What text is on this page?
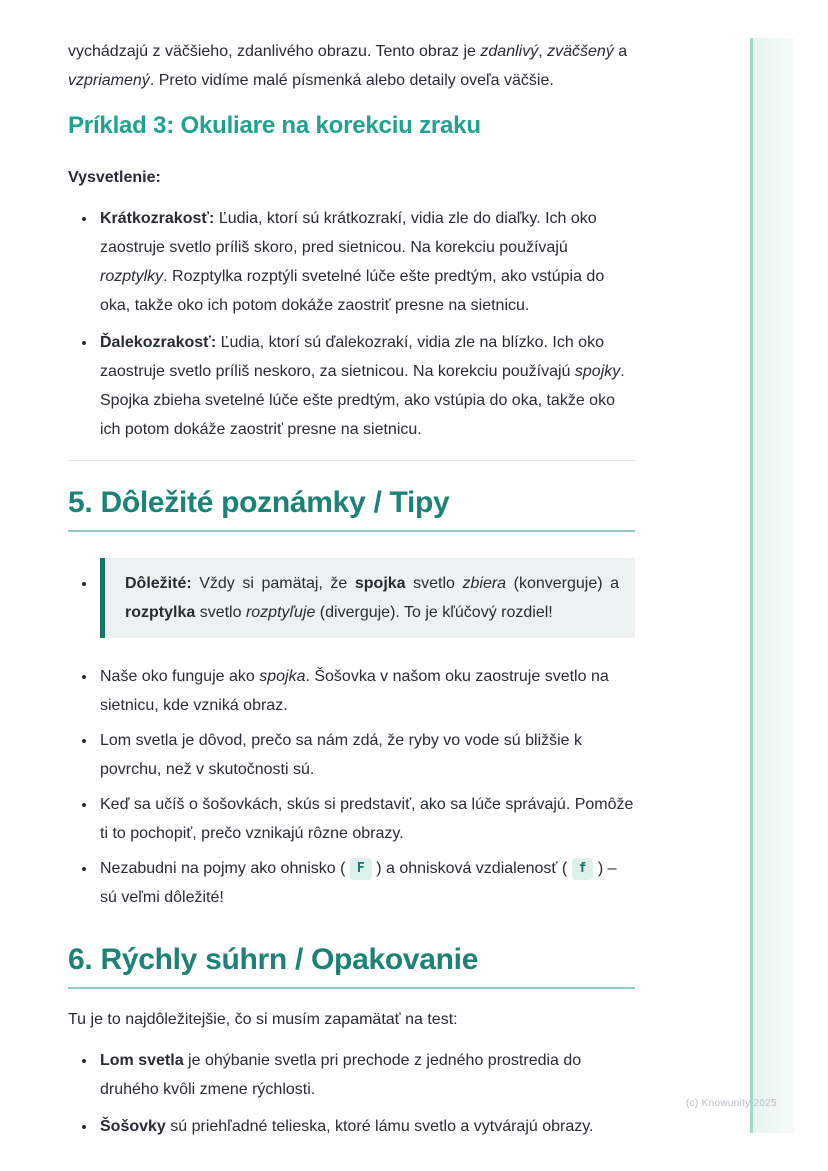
vychádzajú z väčšieho, zdanlivého obrazu. Tento obraz je zdanlivý, zväčšený a vzpriamený. Preto vidíme malé písmenká alebo detaily oveľa väčšie.

Príklad 3: Okuliare na korekciu zraku

Vysvetlenie:

• Krátkozrakosť: Ľudia, ktorí sú krátkozrakí, vidia zle do diaľky. Ich oko zaostruje svetlo príliš skoro, pred sietnicou. Na korekciu používajú rozptylky. Rozptylka rozptýli svetelné lúče ešte predtým, ako vstúpia do oka, takže oko ich potom dokáže zaostriť presne na sietnicu.
• Ďalekozrakosť: Ľudia, ktorí sú ďalekozrakí, vidia zle na blízko. Ich oko zaostruje svetlo príliš neskoro, za sietnicou. Na korekciu používajú spojky. Spojka zbieha svetelné lúče ešte predtým, ako vstúpia do oka, takže oko ich potom dokáže zaostriť presne na sietnicu.
5. Dôležité poznámky / Tipy
• Dôležité: Vždy si pamätaj, že spojka svetlo zbiera (konverguje) a rozptylka svetlo rozptyľuje (diverguje). To je kľúčový rozdiel!
• Naše oko funguje ako spojka. Šošovka v našom oku zaostruje svetlo na sietnicu, kde vzniká obraz.
• Lom svetla je dôvod, prečo sa nám zdá, že ryby vo vode sú bližšie k povrchu, než v skutočnosti sú.
• Keď sa učíš o šošovkách, skús si predstaviť, ako sa lúče správajú. Pomôže ti to pochopiť, prečo vznikajú rôzne obrazy.
• Nezabudni na pojmy ako ohnisko ( F ) a ohnisková vzdialenosť ( f ) – sú veľmi dôležité!
6. Rýchly súhrn / Opakovanie

Tu je to najdôležitejšie, čo si musím zapamätať na test:

• Lom svetla je ohýbanie svetla pri prechode z jedného prostredia do druhého kvôli zmene rýchlosti.
• Šošovky sú priehľadné telieska, ktoré lámu svetlo a vytvárajú obrazy.
(c) Knowunity 2025
